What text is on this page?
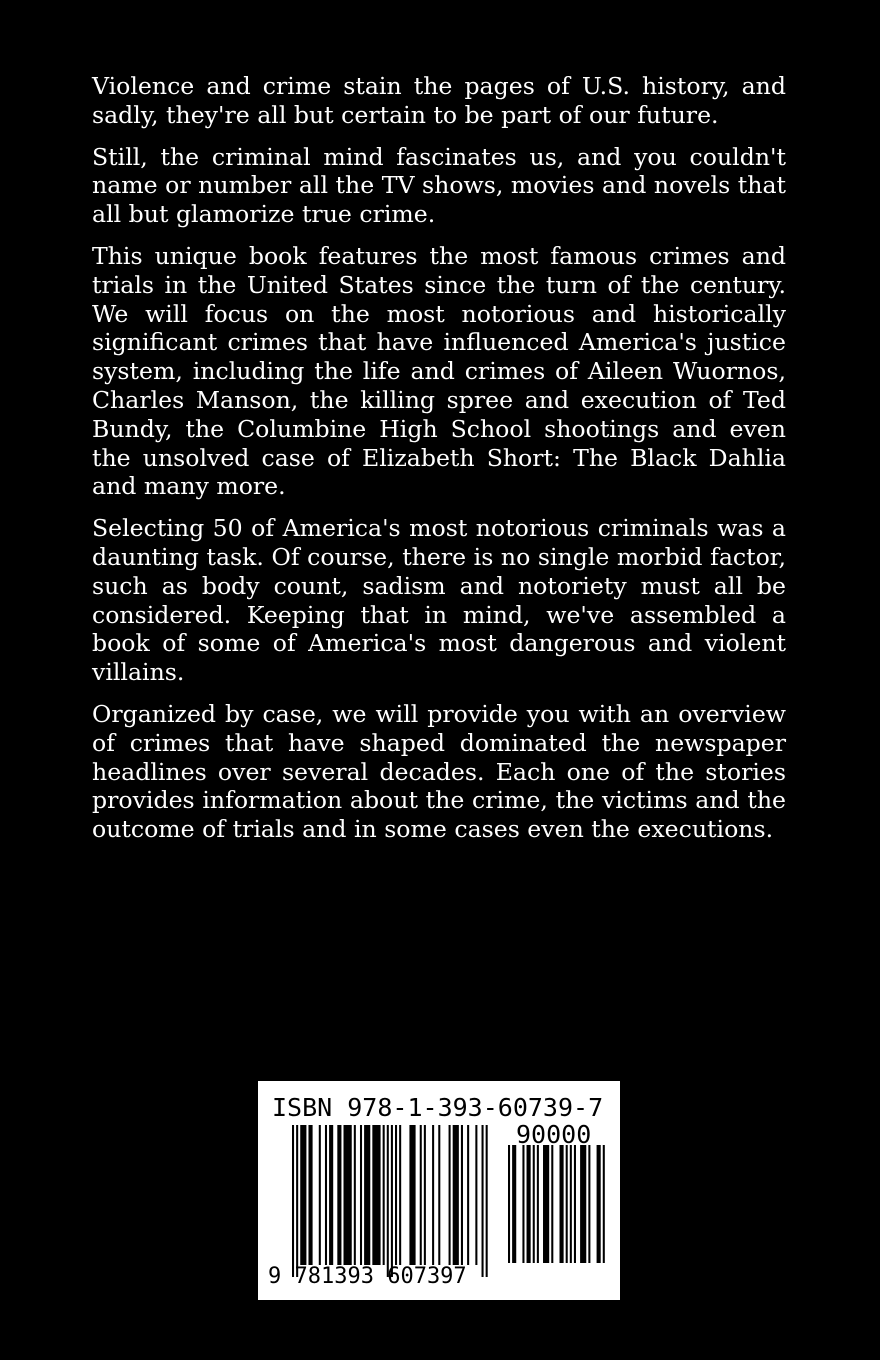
Violence and crime stain the pages of U.S. history, and sadly, they're all but certain to be part of our future.

Still, the criminal mind fascinates us, and you couldn't name or number all the TV shows, movies and novels that all but glamorize true crime.

This unique book features the most famous crimes and trials in the United States since the turn of the century. We will focus on the most notorious and historically significant crimes that have influenced America's justice system, including the life and crimes of Aileen Wuornos, Charles Manson, the killing spree and execution of Ted Bundy, the Columbine High School shootings and even the unsolved case of Elizabeth Short: The Black Dahlia and many more.

Selecting 50 of America's most notorious criminals was a daunting task. Of course, there is no single morbid factor, such as body count, sadism and notoriety must all be considered. Keeping that in mind, we've assembled a book of some of America's most dangerous and violent villains.

Organized by case, we will provide you with an overview of crimes that have shaped dominated the newspaper headlines over several decades. Each one of the stories provides information about the crime, the victims and the outcome of trials and in some cases even the executions.

ISBN 978-1-393-60739-7
90000
9 781393 607397
